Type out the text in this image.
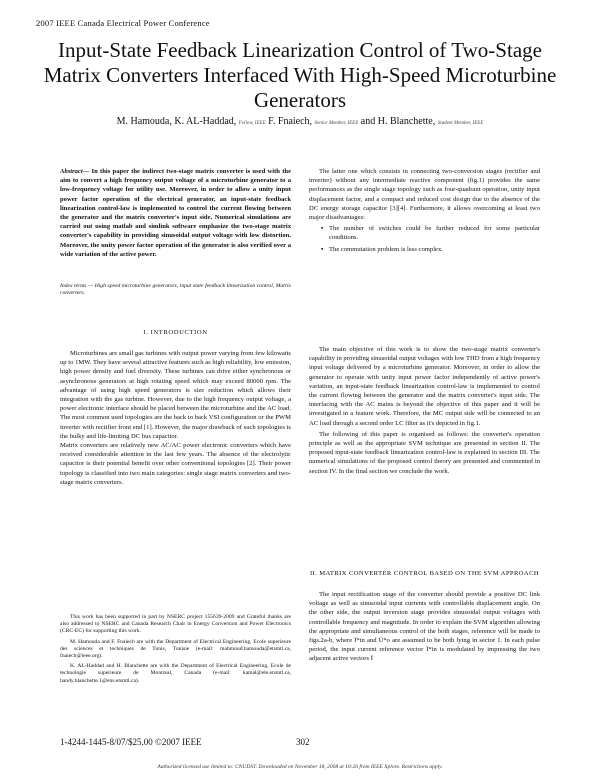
2007 IEEE Canada Electrical Power Conference
Input-State Feedback Linearization Control of Two-Stage Matrix Converters Interfaced With High-Speed Microturbine Generators
M. Hamouda, K. AL-Haddad, Fellow, IEEE F. Fnaiech, Senior Member, IEEE and H. Blanchette, Student Member, IEEE

Abstract— In this paper the indirect two-stage matrix converter is used with the aim to convert a high frequency output voltage of a microturbine generator to a low-frequency voltage for utility use. Moreover, in order to allow a unity input power factor operation of the electrical generator, an input-state feedback linearization control-law is implemented to control the current flowing between the generator and the matrix converter's input side. Numerical simulations are carried out using matlab and simlink software emphasize the two-stage matrix converter's capability in providing sinusoidal output voltage with low distortion. Moreover, the unity power factor operation of the generator is also verified over a wide variation of the active power.

Index terms — High speed microturbine generators, input state feedback linearization control, Matrix converters.
I. INTRODUCTION

Microturbines are small gas turbines with output power varying from few kilowatts up to 1MW. They have several attractive features such as high reliability, low emission, high power density and fuel diversity. These turbines can drive either synchronous or asynchronous generators at high rotating speed which may exceed 80000 rpm. The advantage of using high speed generators is size reduction which allows their integration with the gas turbine. However, due to the high frequency output voltage, a power electronic interface should be placed between the microturbine and the AC load. The most common used topologies are the back to back VSI configuration or the PWM inverter with rectifier front end [1]. However, the major drawback of such topologies is the bulky and life-limiting DC bus capacitor.

Matrix converters are relatively new AC/AC power electronic converters which have received considerable attention in the last few years. The absence of the electrolytic capacitor is their potential benefit over other conventional topologies [2]. Their power topology is classified into two main categories: single stage matrix converters and two-stage matrix converters.

This work has been supported in part by NSERC project 155639-2009 and Grateful thanks are also addressed to NSERC and Canada Research Chair in Energy Conversion and Power Electronics (CRC-EC) for supporting this work.

M. Hamouda and F. Fnaiech are with the Department of Electrical Engineering, Ecole superieure des sciences et techniques de Tunis, Tunisie (e-mail: mahmoud.hamouda@etsmtl.ca, fnaiech@ieee.org).

K. AL-Haddad and H. Blanchette are with the Department of Electrical Engineering, Ecole de technologie superieure de Montreal, Canada (e-mail: kamal@ele.etsmtl.ca, handy.blanchette.1@ens.etsmtl.ca).

The latter one which consists in connecting two-conversion stages (rectifier and inverter) without any intermediate reactive component (fig.1) provides the same performances as the single stage topology such as four-quadrant operation, unity input displacement factor, and a compact and reduced cost design due to the absence of the DC energy storage capacitor [3][4]. Furthermore, it allows overcoming at least two major disadvantages:

▪ The number of switches could be further reduced for some particular conditions.
▪ The commutation problem is less complex.

The main objective of this work is to show the two-stage matrix converter's capability in providing sinusoidal output voltages with low THD from a high frequency input voltage delivered by a microturbine generator. Moreover, in order to allow the generator to operate with unity input power factor independently of active power's variation, an input-state feedback linearization control-law is implemented to control the current flowing between the generator and the matrix converter's input side. The interfacing with the AC mains is beyond the objective of this paper and it will be investigated in a feature work. Therefore, the MC output side will be connected to an AC load through a second order LC filter as it's depicted in fig.1.

The following of this paper is organised as follows: the converter's operation principle as well as the appropriate SVM technique are presented in section II. The proposed input-state feedback linearization control-law is explained in section III. The numerical simulations of the proposed control theory are presented and commented in section IV. In the final section we conclude the work.

II. MATRIX CONVERTER CONTROL BASED ON THE SVM APPROACH

The input rectification stage of the converter should provide a positive DC link voltage as well as sinusoidal input currents with controllable displacement angle. On the other side, the output inversion stage provides sinusoidal output voltages with controllable frequency and magnitude. In order to explain the SVM algorithm allowing the appropriate and simultaneous control of the both stages, reference will be made to figs.2a-b, where Ī*in and Ū*o are assumed to be both lying in sector 1. In each pulse period, the input current reference vector Ī*in is modulated by impressing the two adjacent active vectors Ī

1-4244-1445-8/07/$25.00 ©2007 IEEE	302
Authorized licensed use limited to: CNUDST. Downloaded on November 18, 2008 at 10:26 from IEEE Xplore. Restrictions apply.
